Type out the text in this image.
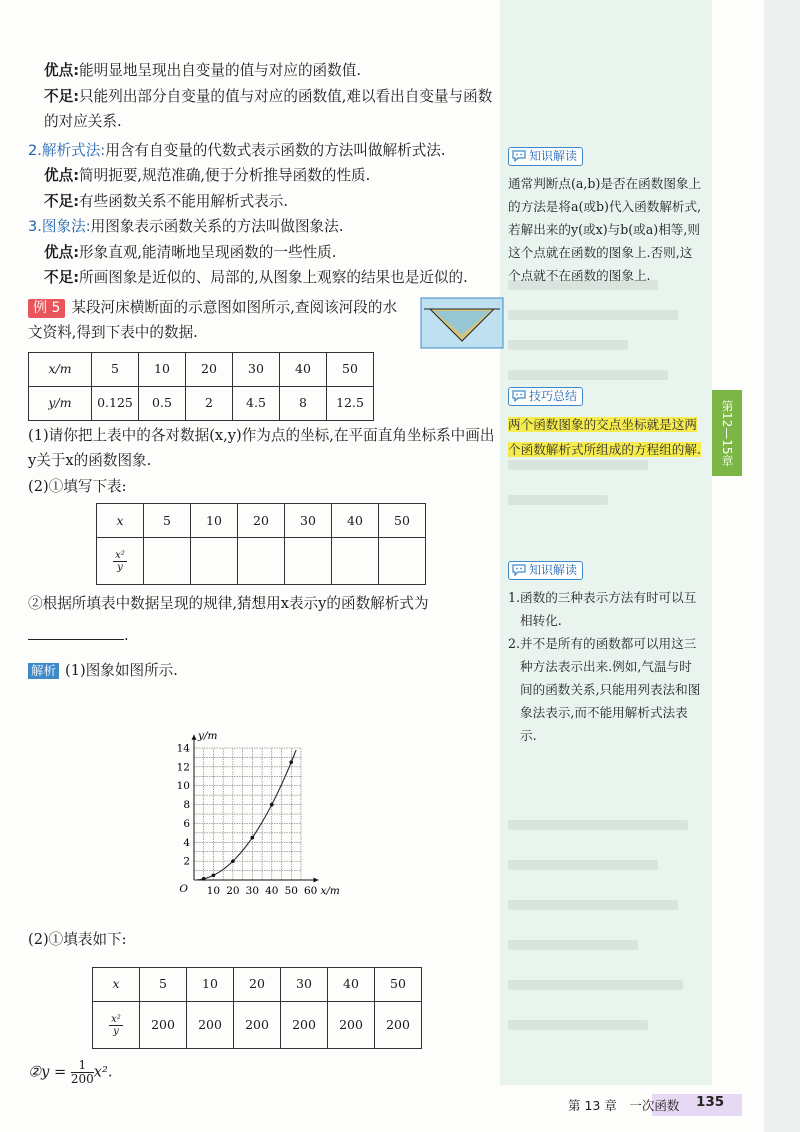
优点:能明显地呈现出自变量的值与对应的函数值.

不足:只能列出部分自变量的值与对应的函数值,难以看出自变量与函数的对应关系.

2.解析式法:用含有自变量的代数式表示函数的方法叫做解析式法.

优点:简明扼要,规范准确,便于分析推导函数的性质.

不足:有些函数关系不能用解析式表示.

3.图象法:用图象表示函数关系的方法叫做图象法.

优点:形象直观,能清晰地呈现函数的一些性质.

不足:所画图象是近似的、局部的,从图象上观察的结果也是近似的.

例 5 某段河床横断面的示意图如图所示,查阅该河段的水文资料,得到下表中的数据.

x/m	5	10	20	30	40	50
y/m	0.125	0.5	2	4.5	8	12.5

(1)请你把上表中的各对数据(x,y)作为点的坐标,在平面直角坐标系中画出y关于x的函数图象.

(2)①填写下表:

x	5	10	20	30	40	50

$\frac{\text{x²}}{y}$

②根据所填表中数据呈现的规律,猜想用x表示y的函数解析式为

.

解析 (1)图象如图所示.

10 20 30 40 50 60
2
4
6
8
10
12
14
O	x/m
y/m

(2)①填表如下:

x	5	10	20	30	40	50

$\frac{\text{x²}}{y}$	200	200	200	200	200	200

②y = $\frac{1}{200} x^2$.

知识解读
通常判断点(a,b)是否在函数图象上的方法是将a(或b)代入函数解析式,若解出来的y(或x)与b(或a)相等,则这个点就在函数的图象上.否则,这个点就不在函数的图象上.
技巧总结
两个函数图象的交点坐标就是这两个函数解析式所组成的方程组的解.
知识解读
1.函数的三种表示方法有时可以互相转化.
2.并不是所有的函数都可以用这三种方法表示出来.例如,气温与时间的函数关系,只能用列表法和图象法表示,而不能用解析式法表示.
第12—15章
第 13 章　一次函数 135
